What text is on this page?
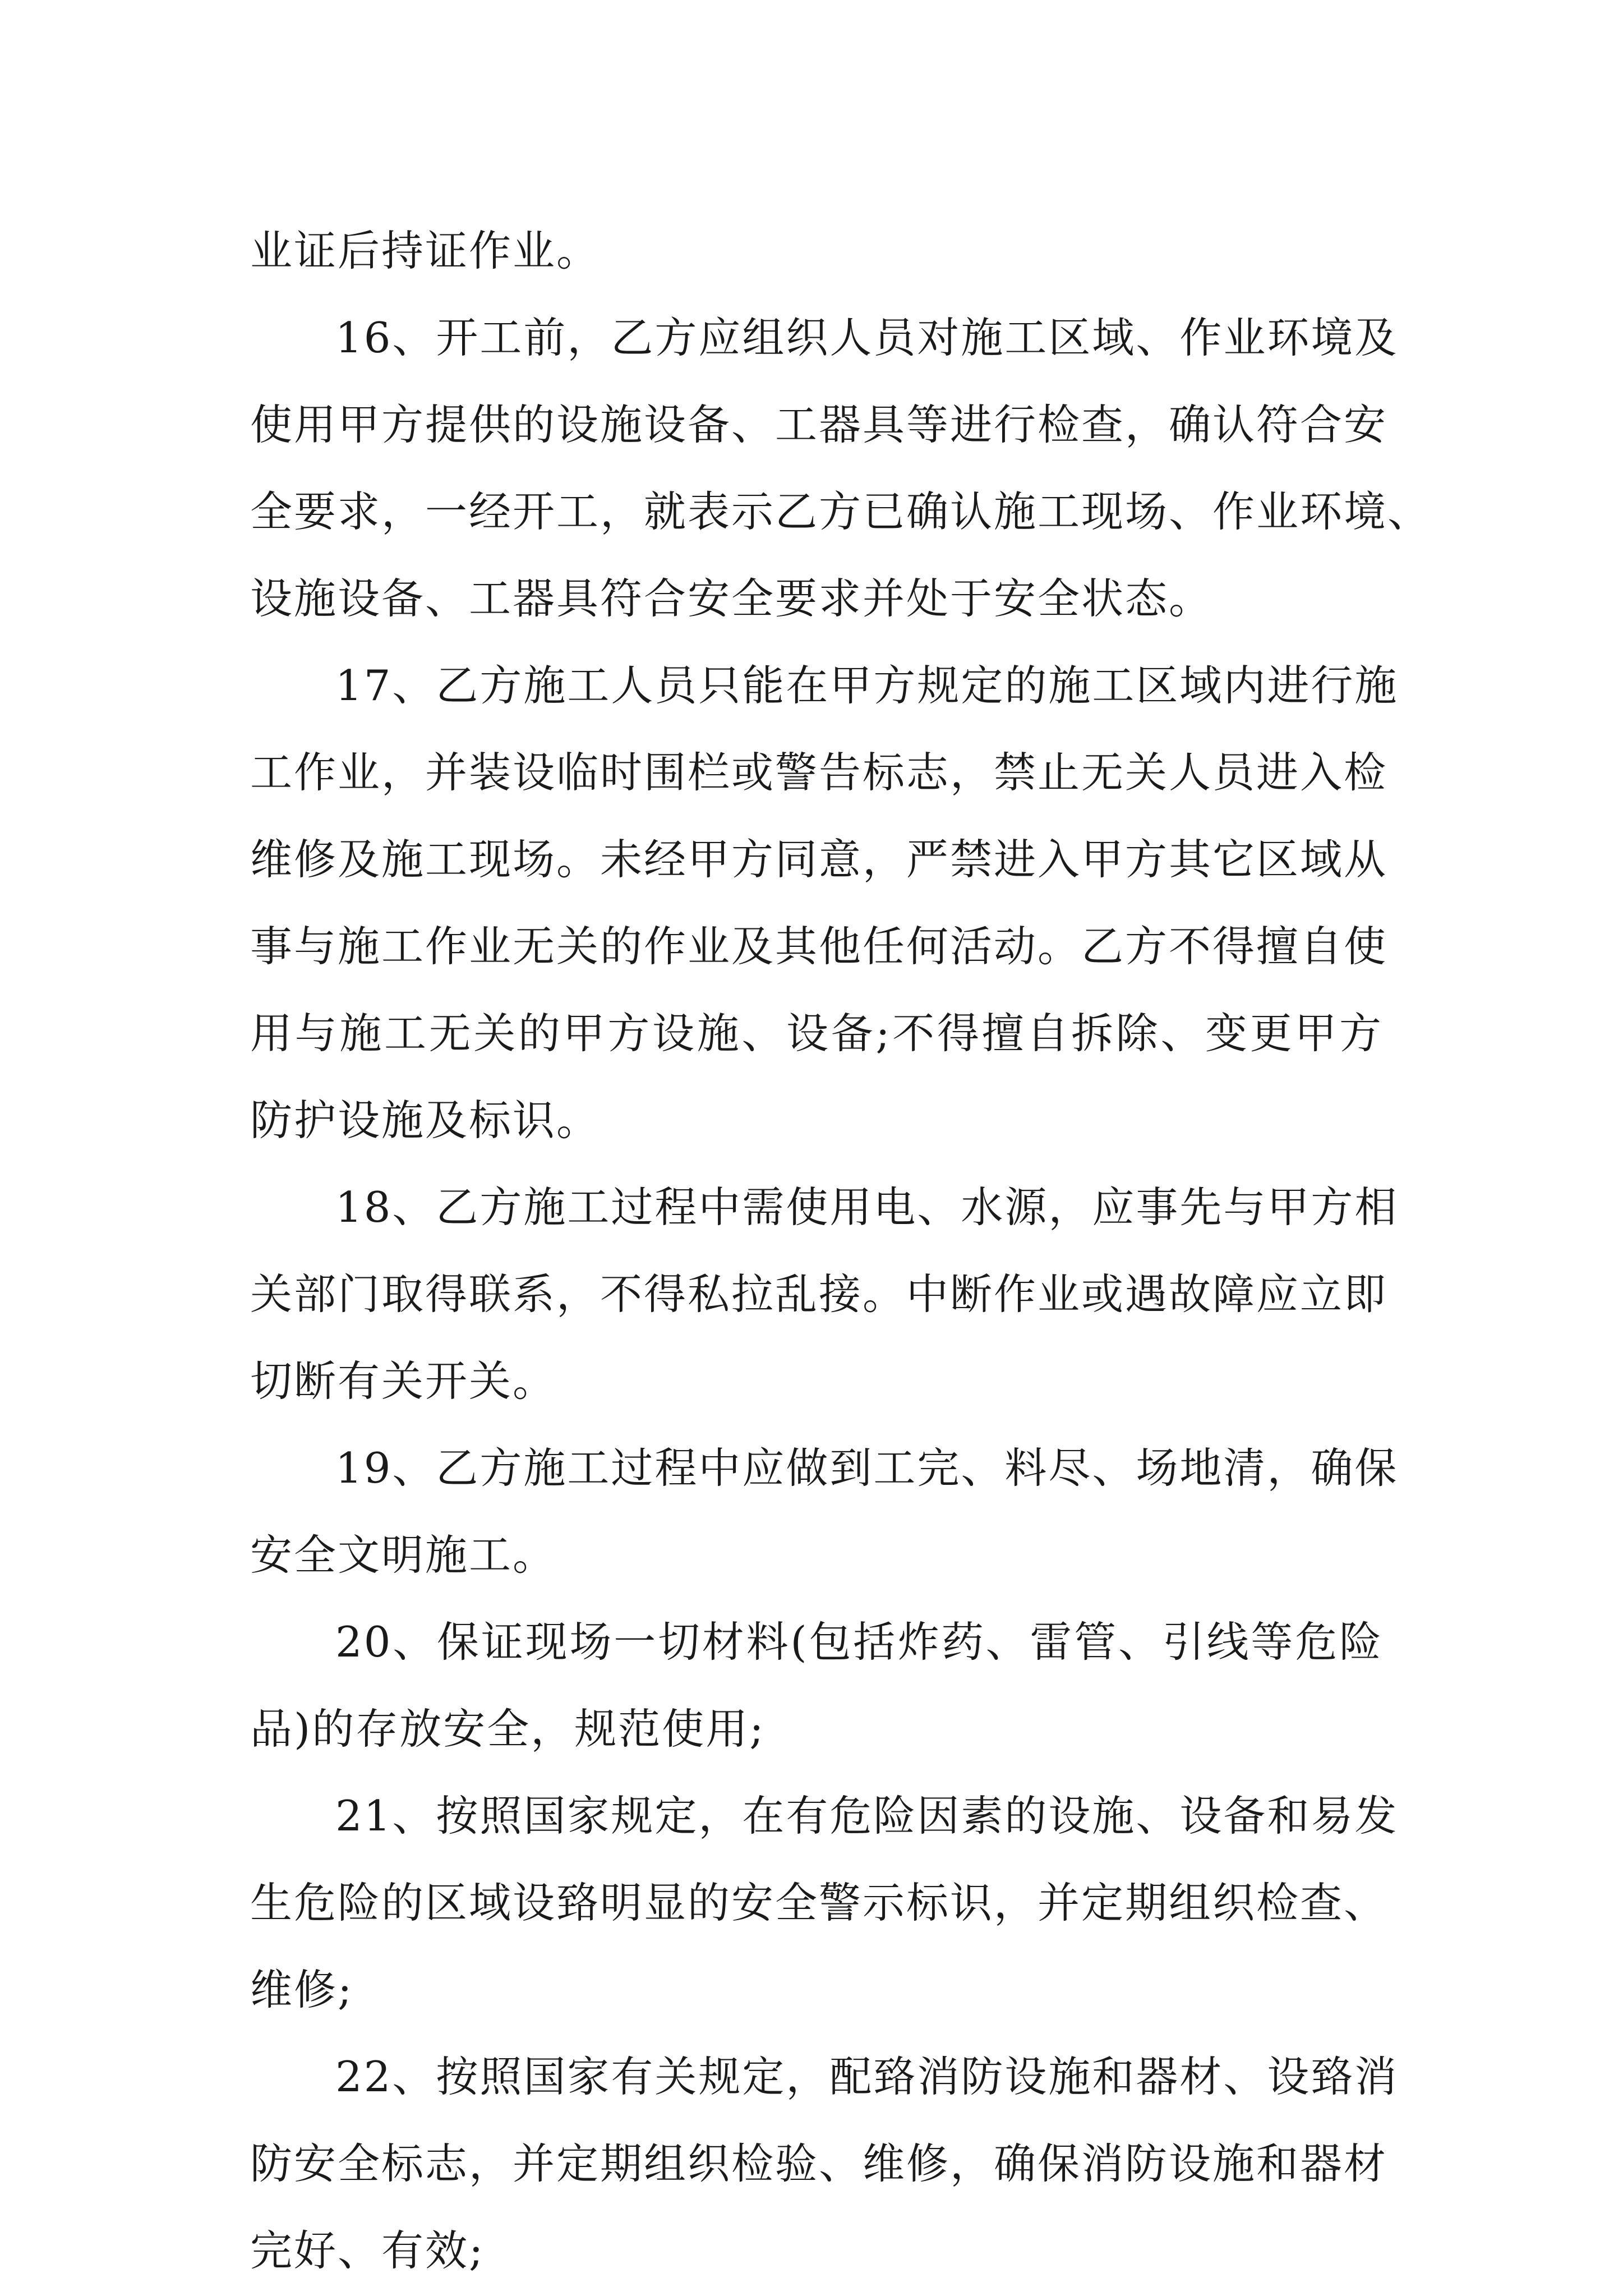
业证后持证作业。
16、开工前，乙方应组织人员对施工区域、作业环境及
使用甲方提供的设施设备、工器具等进行检查，确认符合安
全要求，一经开工，就表示乙方已确认施工现场、作业环境、
设施设备、工器具符合安全要求并处于安全状态。
17、乙方施工人员只能在甲方规定的施工区域内进行施
工作业，并装设临时围栏或警告标志，禁止无关人员进入检
维修及施工现场。未经甲方同意，严禁进入甲方其它区域从
事与施工作业无关的作业及其他任何活动。乙方不得擅自使
用与施工无关的甲方设施、设备;不得擅自拆除、变更甲方
防护设施及标识。
18、乙方施工过程中需使用电、水源，应事先与甲方相
关部门取得联系，不得私拉乱接。中断作业或遇故障应立即
切断有关开关。
19、乙方施工过程中应做到工完、料尽、场地清，确保
安全文明施工。
20、保证现场一切材料(包括炸药、雷管、引线等危险
品)的存放安全，规范使用;
21、按照国家规定，在有危险因素的设施、设备和易发
生危险的区域设臵明显的安全警示标识，并定期组织检查、
维修;
22、按照国家有关规定，配臵消防设施和器材、设臵消
防安全标志，并定期组织检验、维修，确保消防设施和器材
完好、有效;
